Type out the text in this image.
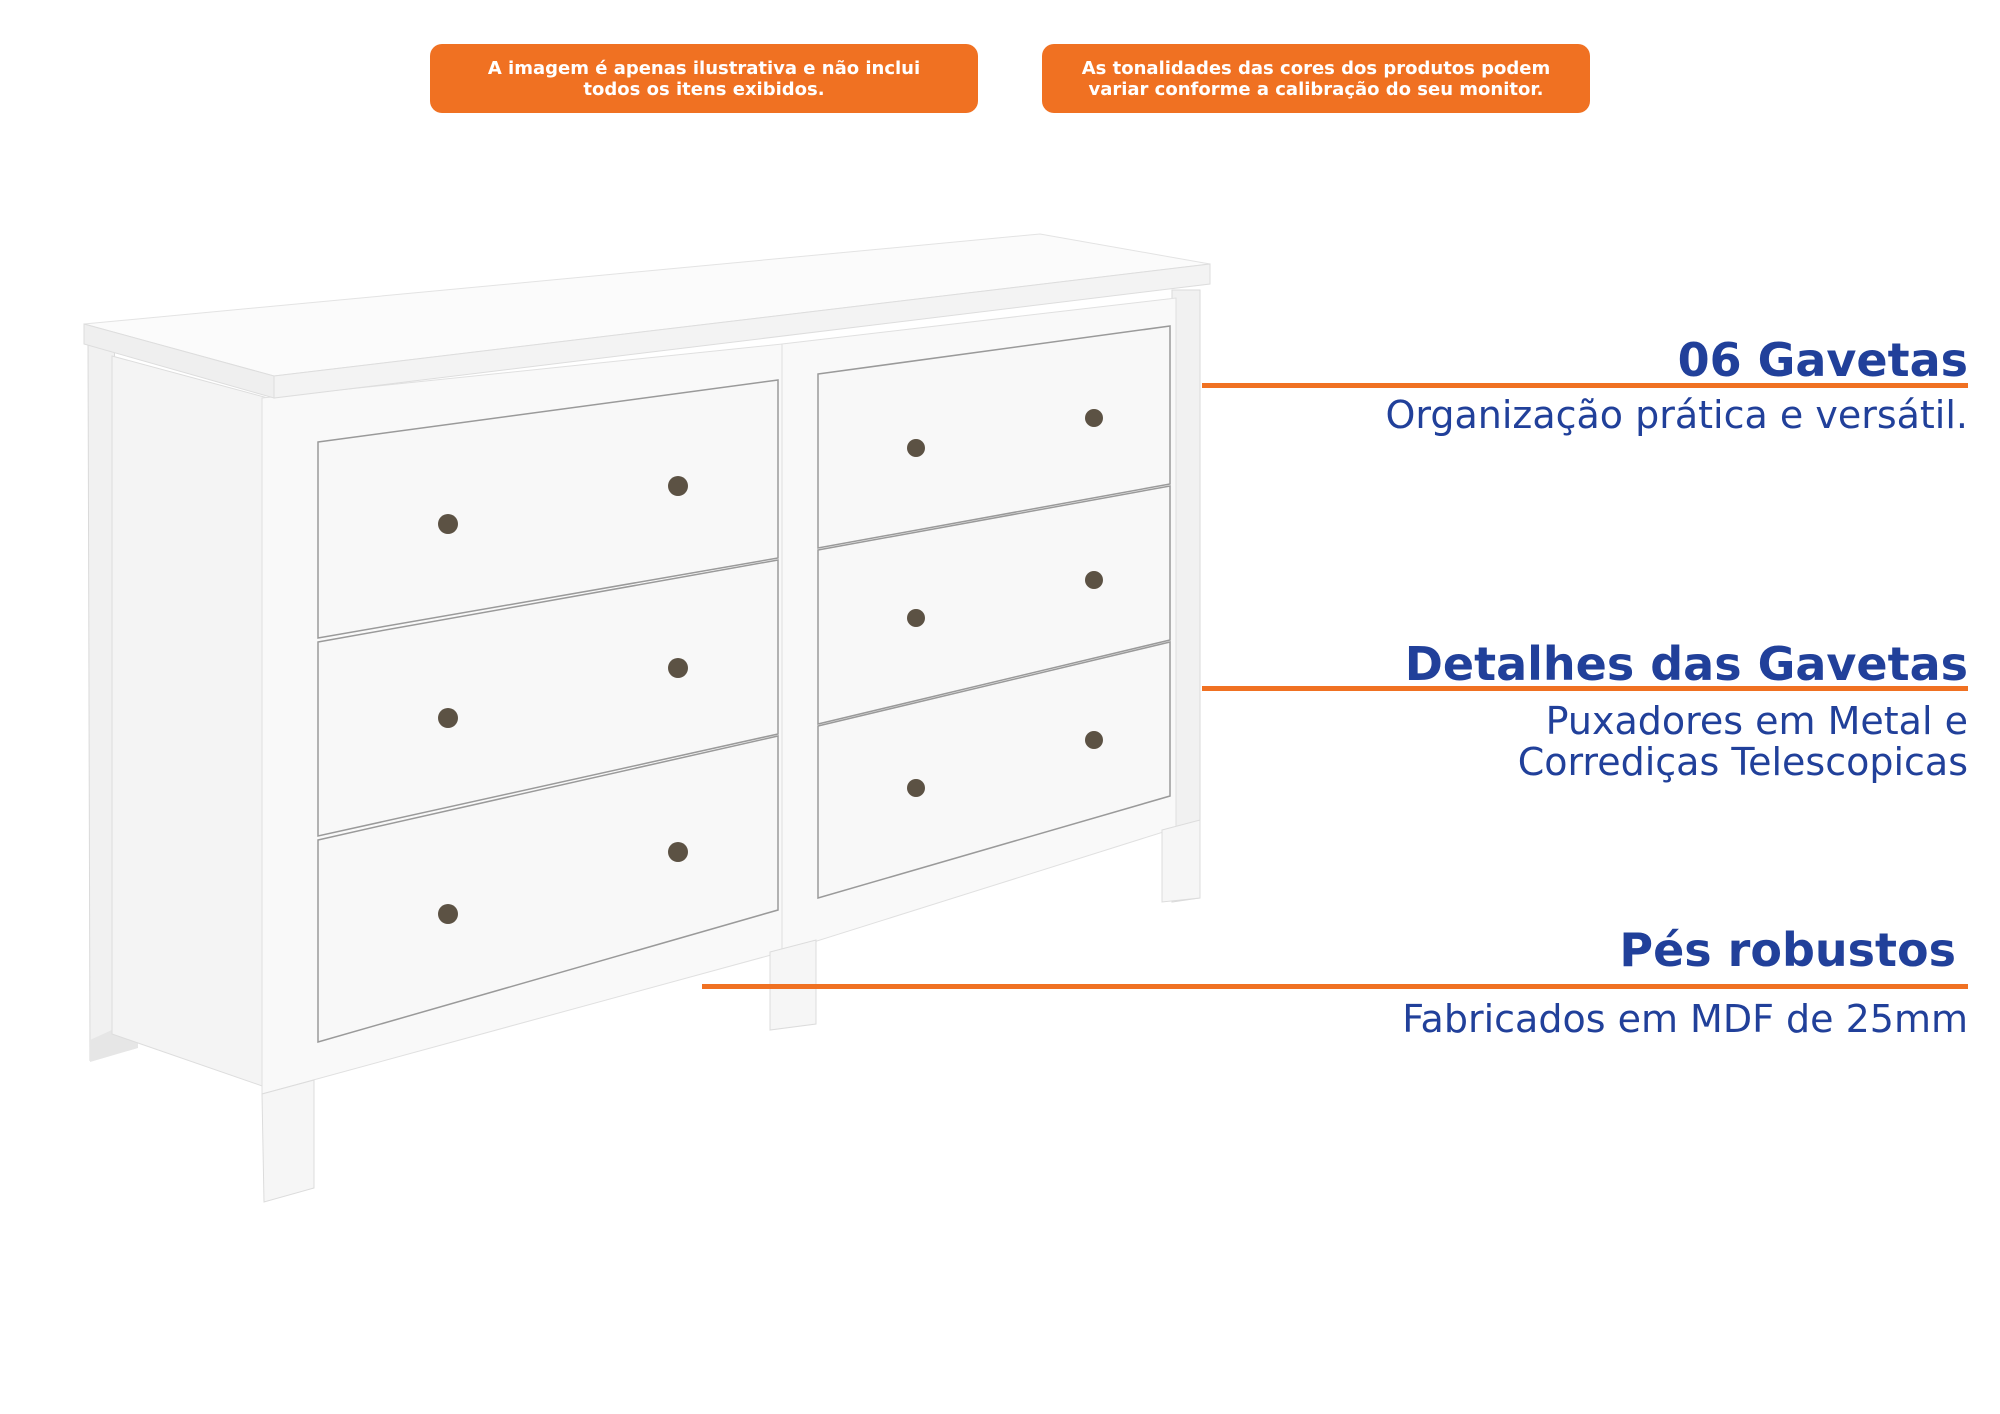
A imagem é apenas ilustrativa e não inclui
todos os itens exibidos.
As tonalidades das cores dos produtos podem
variar conforme a calibração do seu monitor.
06 Gavetas
Organização prática e versátil.
Detalhes das Gavetas
Puxadores em Metal e
Corrediças Telescopicas
Pés robustos
Fabricados em MDF de 25mm
